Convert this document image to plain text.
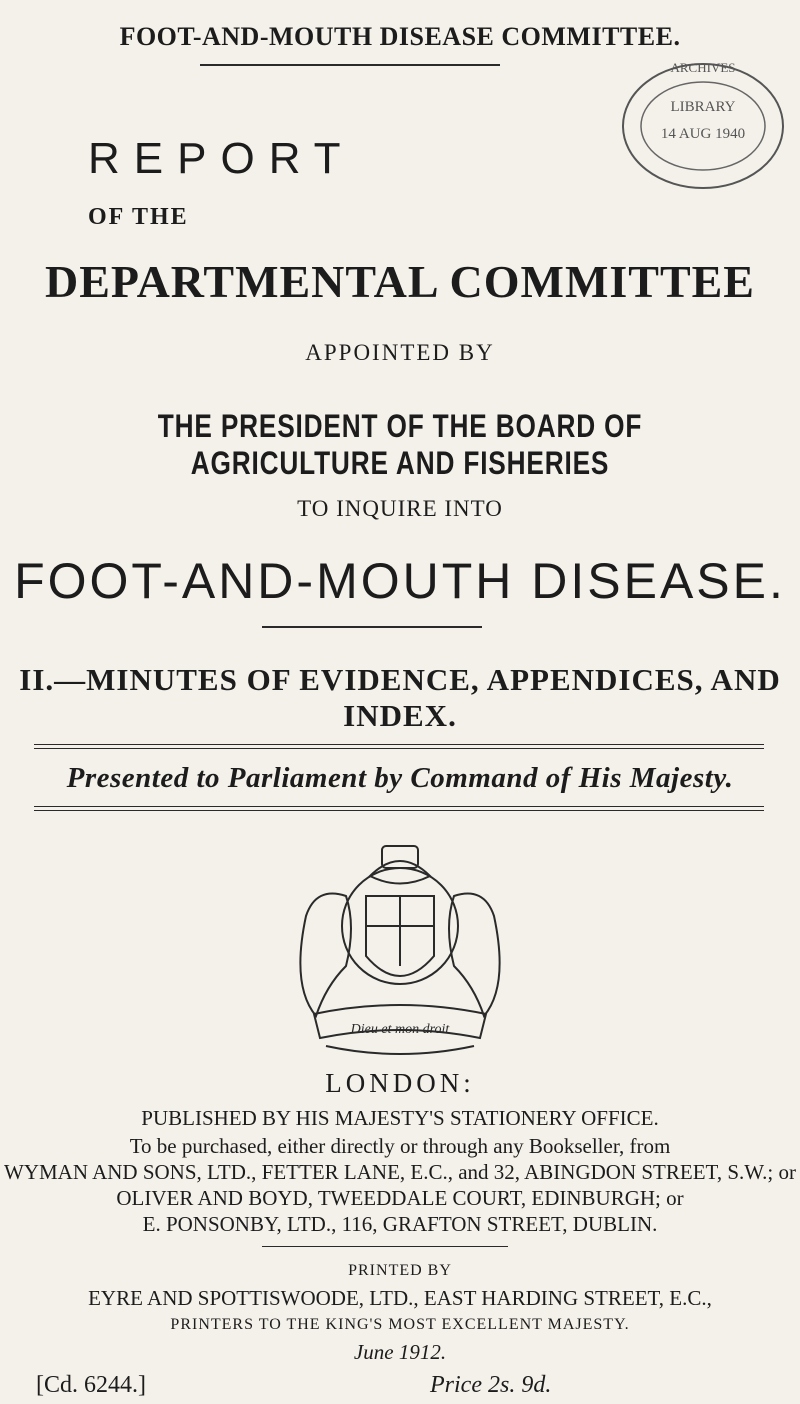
FOOT-AND-MOUTH DISEASE COMMITTEE.
REPORT
OF THE
ARCHIVES
LIBRARY
14 AUG 1940
DEPARTMENTAL COMMITTEE
APPOINTED BY
THE PRESIDENT OF THE BOARD OF AGRICULTURE AND FISHERIES
TO INQUIRE INTO
FOOT-AND-MOUTH DISEASE.
II.—MINUTES OF EVIDENCE, APPENDICES, AND INDEX.
Presented to Parliament by Command of His Majesty.
Dieu et mon droit
LONDON:
PUBLISHED BY HIS MAJESTY'S STATIONERY OFFICE.
To be purchased, either directly or through any Bookseller, from
WYMAN AND SONS, LTD., FETTER LANE, E.C., and 32, ABINGDON STREET, S.W.; or
OLIVER AND BOYD, TWEEDDALE COURT, EDINBURGH; or
E. PONSONBY, LTD., 116, GRAFTON STREET, DUBLIN.
PRINTED BY
EYRE AND SPOTTISWOODE, LTD., EAST HARDING STREET, E.C.,
PRINTERS TO THE KING'S MOST EXCELLENT MAJESTY.
June 1912.
[Cd. 6244.]	Price 2s. 9d.
